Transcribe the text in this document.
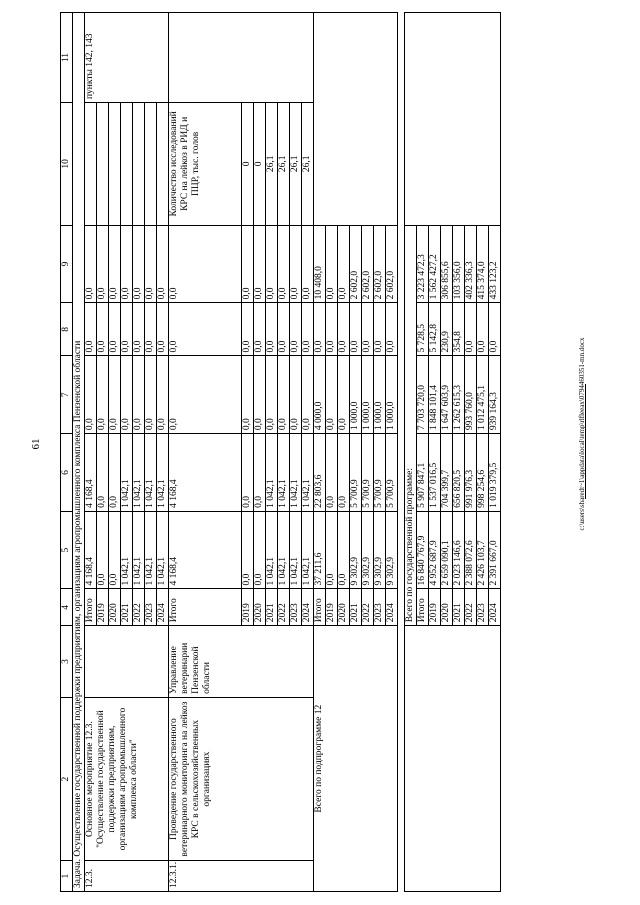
61
1	2	3	4	5	6	7	8	9	10	11
Задача. Осуществление государственной поддержки предприятиям, организациям агропромышленного комплекса Пензенской области										
12.3.	Основное мероприятие 12.3. "Осуществление государственной поддержки предприятиям, организациям агропромышленного комплекса области"		Итого	4 168,4	4 168,4	0,0	0,0	0,0		пункты 142, 143
			2019	0,0	0,0	0,0	0,0	0,0		
			2020	0,0	0,0	0,0	0,0	0,0		
			2021	1 042,1	1 042,1	0,0	0,0	0,0		
			2022	1 042,1	1 042,1	0,0	0,0	0,0		
			2023	1 042,1	1 042,1	0,0	0,0	0,0		
			2024	1 042,1	1 042,1	0,0	0,0	0,0		
12.3.1.	Проведение государственного ветеринарного мониторинга на лейкоз КРС в сельскохозяйственных организациях	Управление ветеринарии Пензенской области	Итого	4 168,4	4 168,4	0,0	0,0	0,0	Количество исследований КРС на лейкоз в РИД и ПЦР, тыс. голов	
			2019	0,0	0,0	0,0	0,0	0,0	0	
			2020	0,0	0,0	0,0	0,0	0,0	0	
			2021	1 042,1	1 042,1	0,0	0,0	0,0	26,1	
			2022	1 042,1	1 042,1	0,0	0,0	0,0	26,1	
			2023	1 042,1	1 042,1	0,0	0,0	0,0	26,1	
			2024	1 042,1	1 042,1	0,0	0,0	0,0	26,1	
Всего по подпрограмме 12			Итого	37 211,6	22 803,6	4 000,0	0,0	10 408,0		
			2019	0,0	0,0	0,0	0,0	0,0		
			2020	0,0	0,0	0,0	0,0	0,0		
			2021	9 302,9	5 700,9	1 000,0	0,0	2 602,0		
			2022	9 302,9	5 700,9	1 000,0	0,0	2 602,0		
			2023	9 302,9	5 700,9	1 000,0	0,0	2 602,0		
			2024	9 302,9	5 700,9	1 000,0	0,0	2 602,0		

			Всего по государственной программе:							
			Итого	16 840 767,9	5 907 847,1	7 703 720,0	5 728,5	3 223 472,3		
			2019	4 952 687,9	1 537 016,5	1 848 101,4	5 142,8	1 562 427,2		
			2020	2 659 090,1	704 399,7	1 647 603,9	230,9	306 855,6		
			2021	2 023 146,6	656 820,5	1 262 615,3	354,8	103 356,0		
			2022	2 388 072,6	991 976,3	993 760,0	0,0	402 336,3		
			2023	2 426 103,7	998 254,6	1 012 475,1	0,0	415 374,0		
			2024	2 391 667,0	1 019 379,5	939 164,3	0,0	433 123,2		
c:\users\sharedt~1\appdata\local\temp\rlfleeax\0794460351-mn.docx
